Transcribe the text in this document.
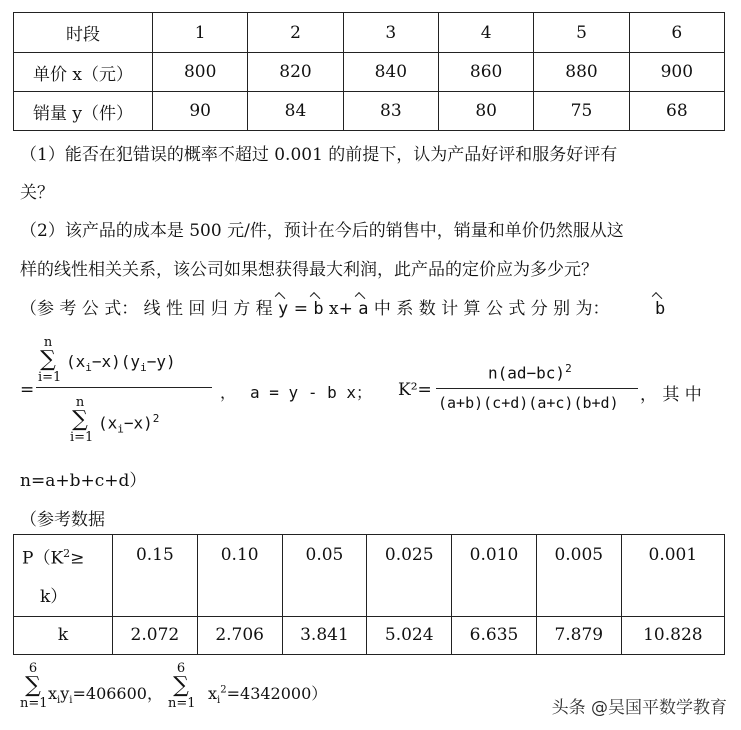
时段	1	2	3	4	5	6
单价 x（元）	800	820	840	860	880	900
销量 y（件）	90	84	83	80	75	68
（1）能否在犯错误的概率不超过 0.001 的前提下，认为产品好评和服务好评有
关？
（2）该产品的成本是 500 元/件，预计在今后的销售中，销量和单价仍然服从这
样的线性相关关系，该公司如果想获得最大利润，此产品的定价应为多少元？
（参 考 公 式： 线 性 回 归 方 程 y = b x+ a 中 系 数 计 算 公 式 分 别 为：	b
=
n
∑
i=1
$(x_i-x)(y_i-y)$
n
∑
i=1
$(x_i-x)^2$
， a = y - b x； K²=
$n(ad-bc)^2$
(a+b)(c+d)(a+c)(b+d) ， 其 中
n=a+b+c+d）
（参考数据
$P(K^2\ge$
k）	0.15	0.10	0.05	0.025	0.010	0.005	0.001
k	2.072	2.706	3.841	5.024	6.635	7.879	10.828
6
∑
n=1
$x_iy_i=406600$，
6
∑
n=1
$x_i^2=4342000$）
头条 @吴国平数学教育
